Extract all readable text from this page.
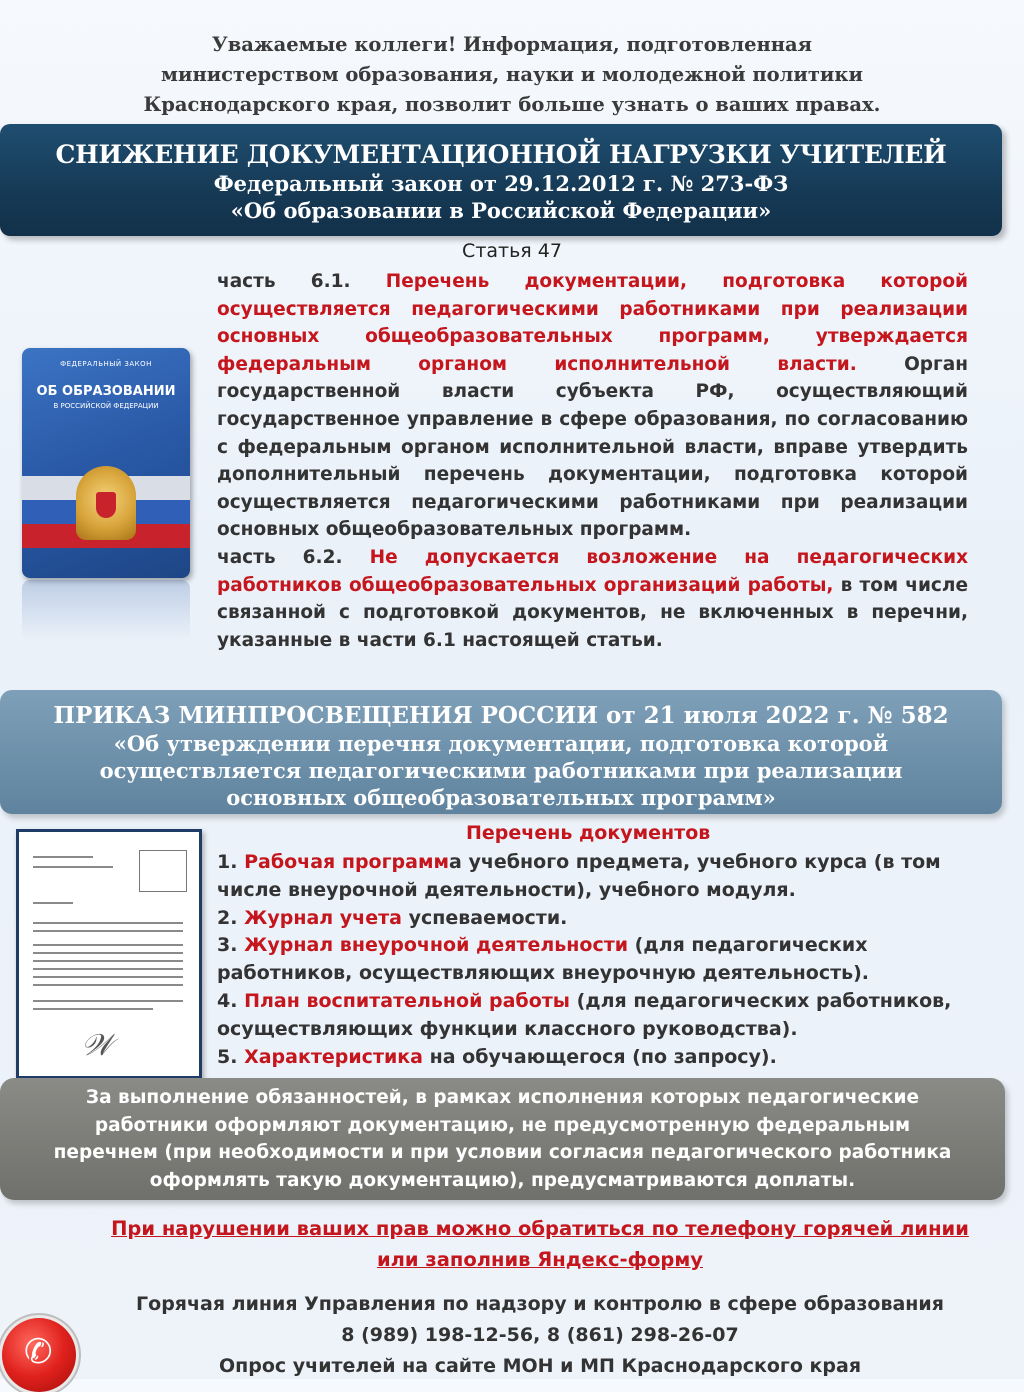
Уважаемые коллеги! Информация, подготовленная
министерством образования, науки и молодежной политики
Краснодарского края, позволит больше узнать о ваших правах.
СНИЖЕНИЕ ДОКУМЕНТАЦИОННОЙ НАГРУЗКИ УЧИТЕЛЕЙ
Федеральный закон от 29.12.2012 г. № 273-ФЗ
«Об образовании в Российской Федерации»
Статья 47
ФЕДЕРАЛЬНЫЙ ЗАКОН
ОБ ОБРАЗОВАНИИ
В РОССИЙСКОЙ ФЕДЕРАЦИИ
часть 6.1. Перечень документации, подготовка которой осуществляется педагогическими работниками при реализации основных общеобразовательных программ, утверждается федеральным органом исполнительной власти.	Орган государственной власти субъекта РФ, осуществляющий государственное управление в сфере образования, по согласованию с федеральным органом исполнительной власти, вправе утвердить дополнительный перечень документации, подготовка которой осуществляется педагогическими работниками при реализации основных общеобразовательных программ.
часть 6.2. Не допускается возложение на педагогических работников общеобразовательных организаций работы, в том числе связанной с подготовкой документов, не включенных в перечни, указанные в части 6.1 настоящей статьи.
ПРИКАЗ МИНПРОСВЕЩЕНИЯ РОССИИ от 21 июля 2022 г. № 582
«Об утверждении перечня документации, подготовка которой
осуществляется педагогическими работниками при реализации
основных общеобразовательных программ»
𝒲
Перечень документов

1. Рабочая программа учебного предмета, учебного курса (в том числе внеурочной деятельности), учебного модуля.

2. Журнал учета успеваемости.

3. Журнал внеурочной деятельности (для педагогических работников, осуществляющих внеурочную деятельность).

4. План воспитательной работы (для педагогических работников, осуществляющих функции классного руководства).

5. Характеристика на обучающегося (по запросу).

За выполнение обязанностей, в рамках исполнения которых педагогические
работники оформляют документацию, не предусмотренную федеральным
перечнем (при необходимости и при условии согласия педагогического работника
оформлять такую документацию), предусматриваются доплаты.
При нарушении ваших прав можно обратиться по телефону горячей линии
или заполнив Яндекс-форму
Горячая линия Управления по надзору и контролю в сфере образования
8 (989) 198-12-56, 8 (861) 298-26-07
Опрос учителей на сайте МОН и МП Краснодарского края
✆
